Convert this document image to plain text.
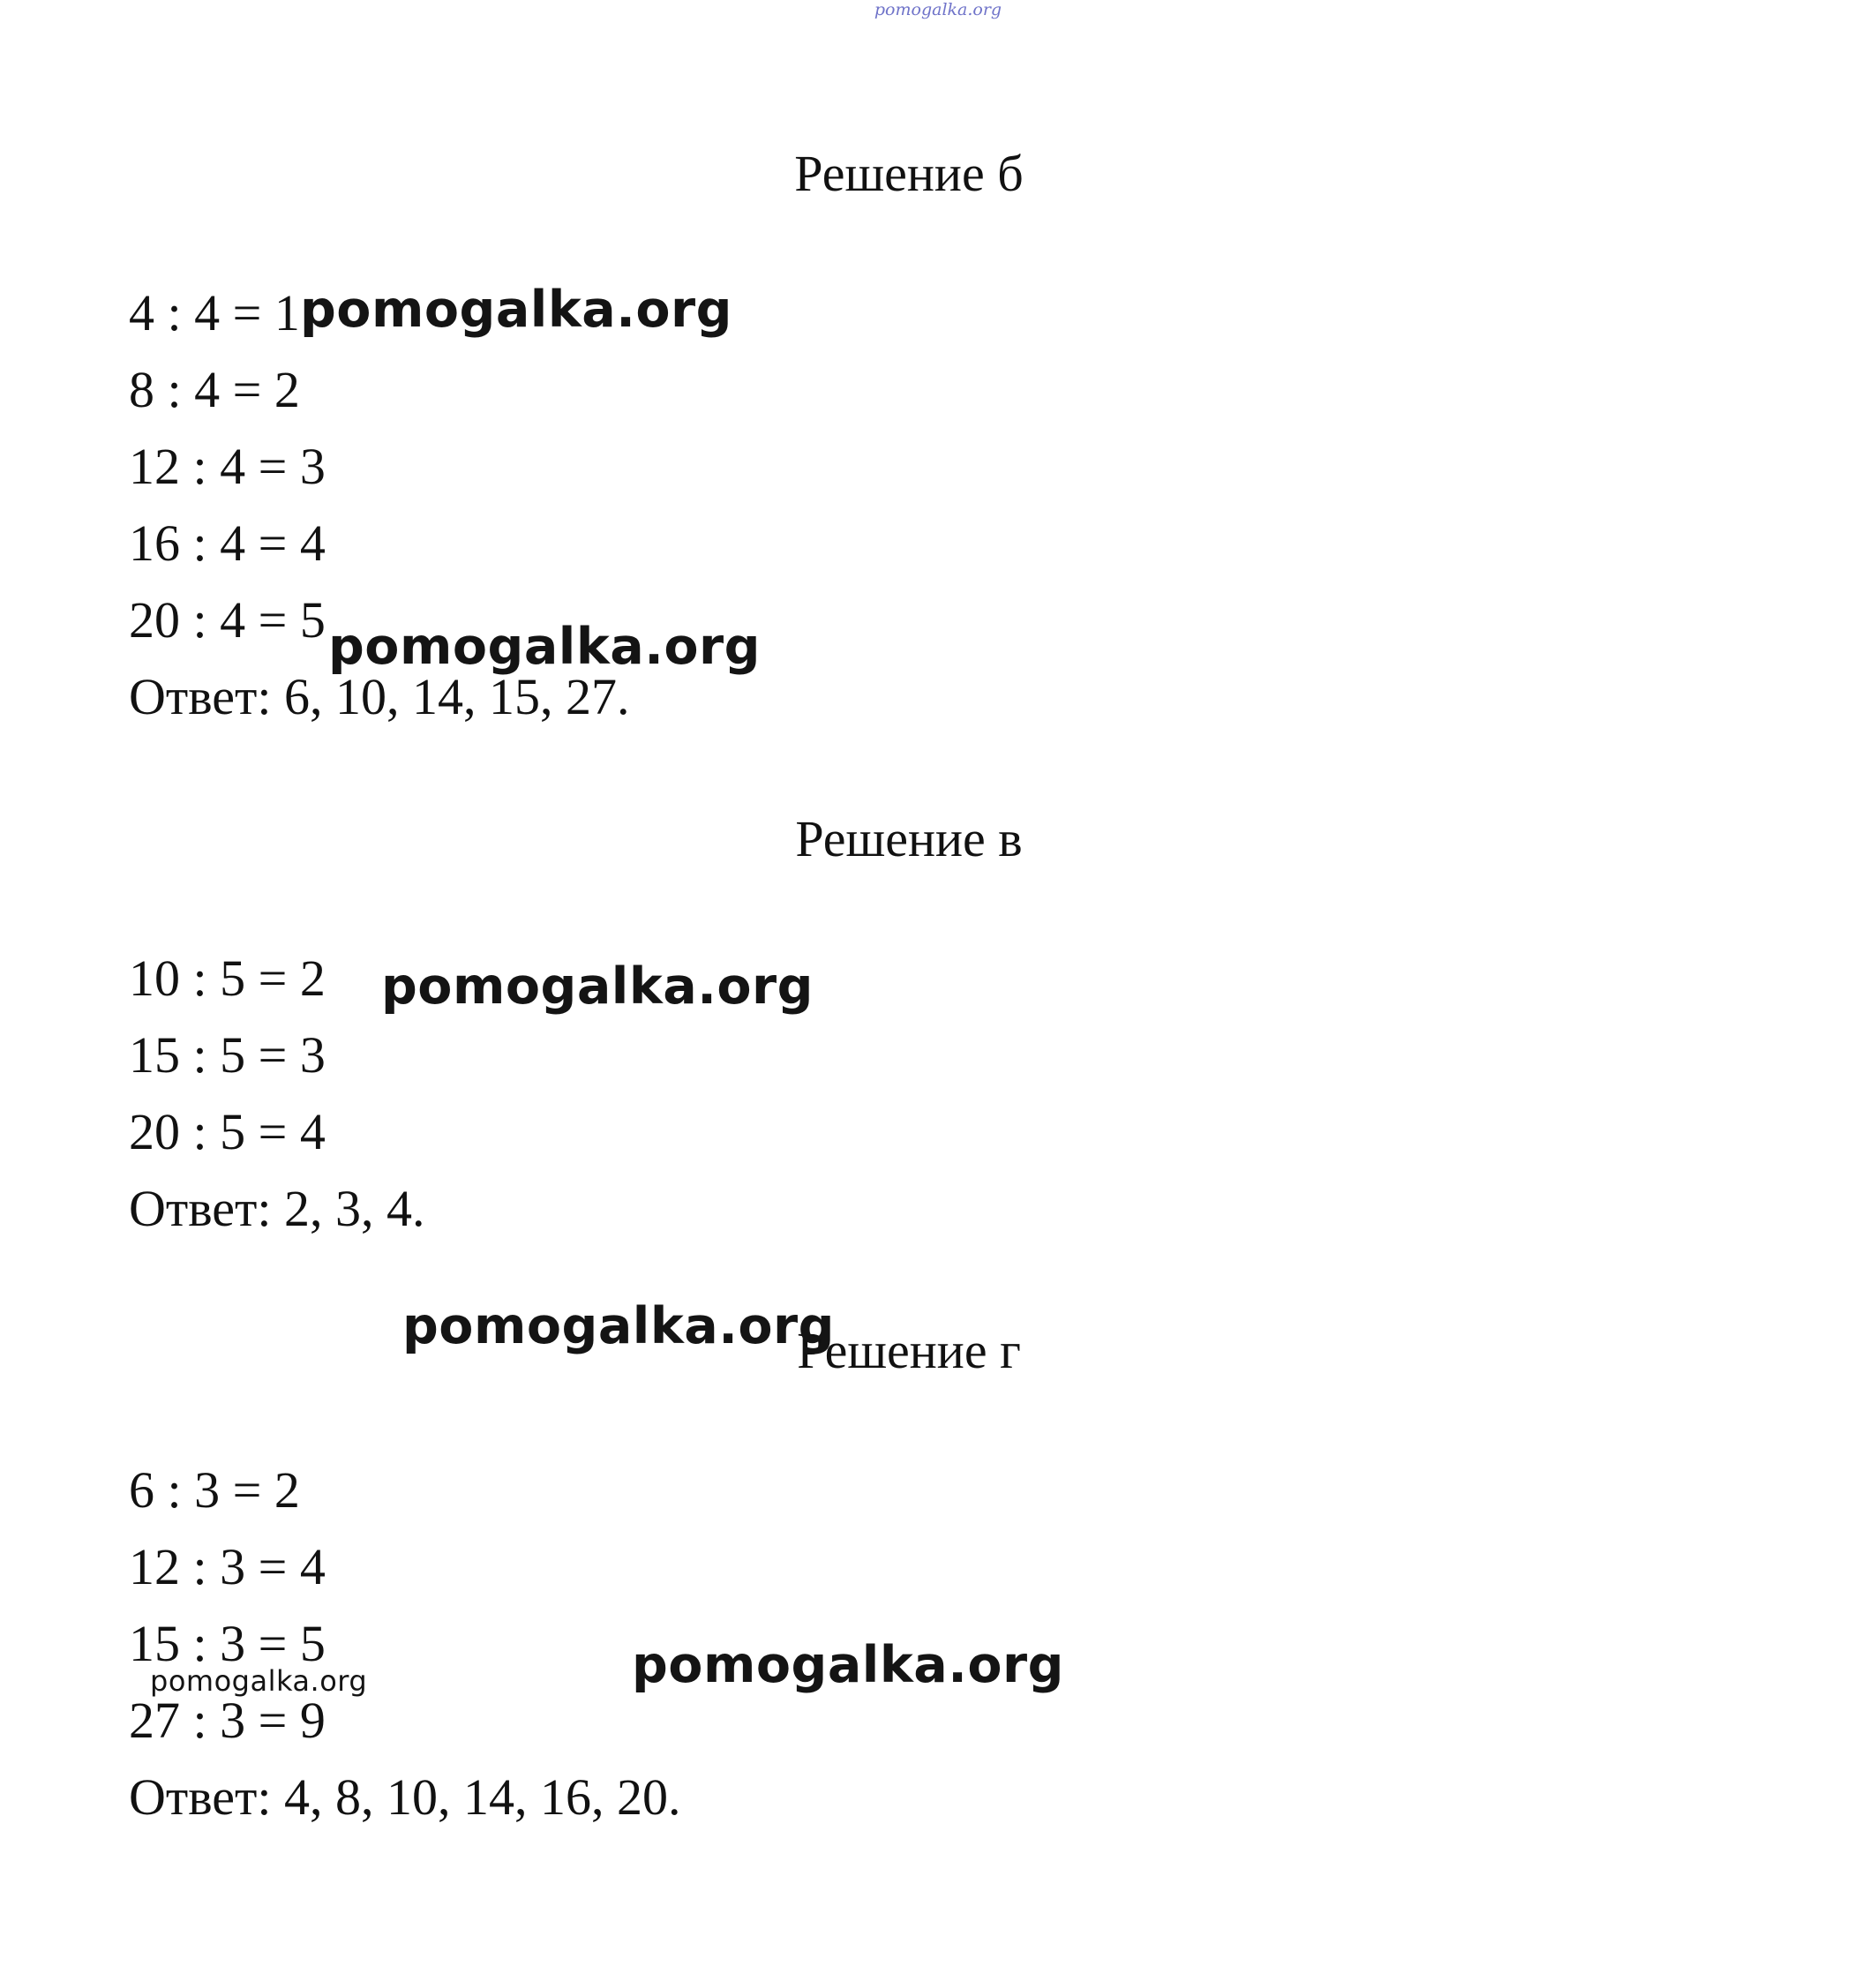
pomogalka.org
Решение б
4 : 4 = 1
8 : 4 = 2
12 : 4 = 3
16 : 4 = 4
20 : 4 = 5
Ответ: 6, 10, 14, 15, 27.
Решение в
10 : 5 = 2
15 : 5 = 3
20 : 5 = 4
Ответ: 2, 3, 4.
Решение г
6 : 3 = 2
12 : 3 = 4
15 : 3 = 5
27 : 3 = 9
Ответ: 4, 8, 10, 14, 16, 20.
pomogalka.org
pomogalka.org
pomogalka.org
pomogalka.org
pomogalka.org
pomogalka.org
